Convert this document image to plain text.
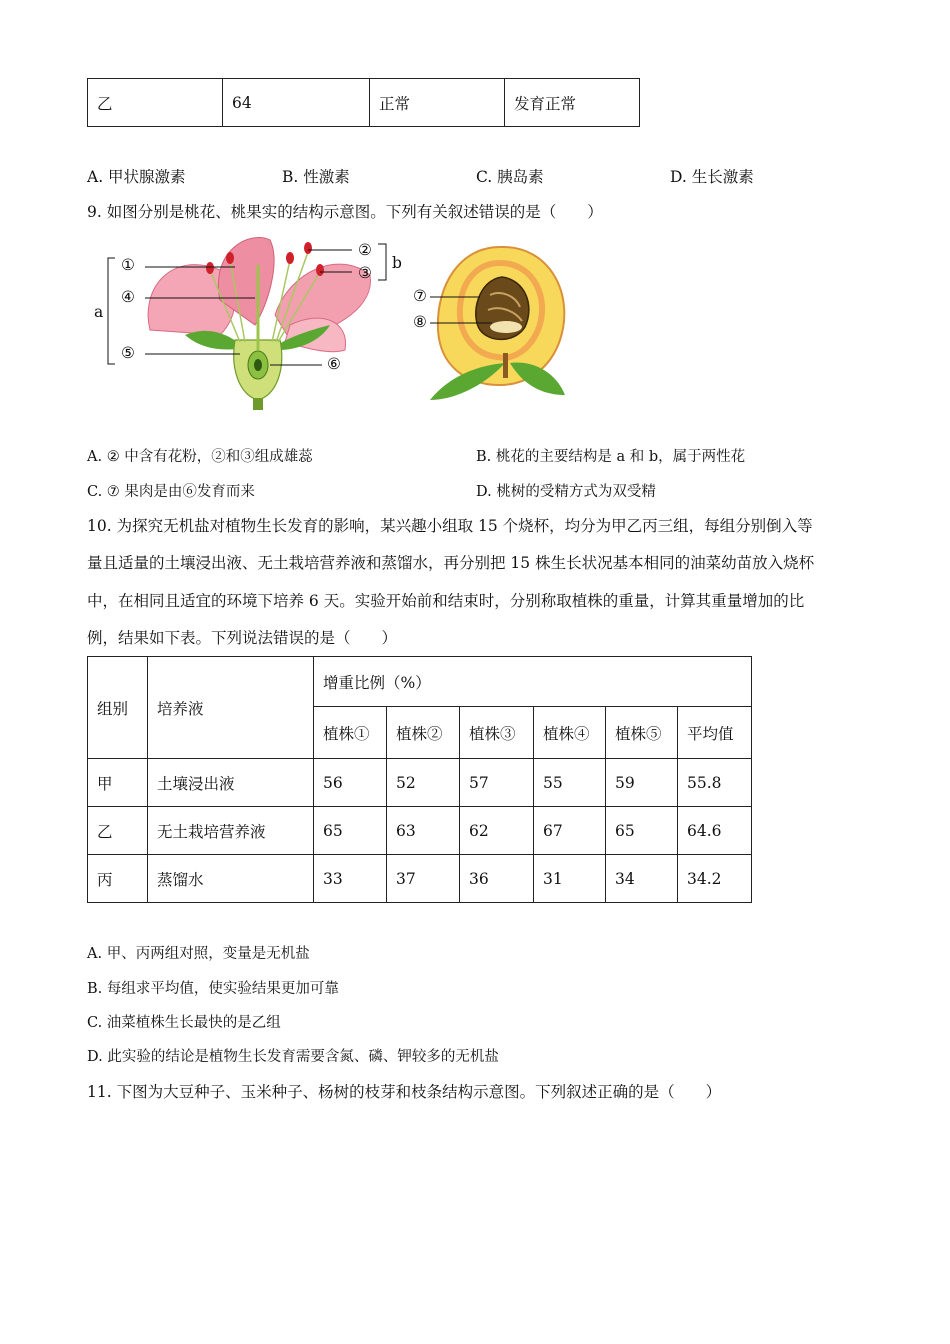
乙	64	正常	发育正常
A. 甲状腺激素	B. 性激素	C. 胰岛素	D. 生长激素
9. 如图分别是桃花、桃果实的结构示意图。下列有关叙述错误的是（　　）
①
②
③
④
⑤
⑥
a
b
⑦
⑧
A. ② 中含有花粉，②和③组成雄蕊	B. 桃花的主要结构是 a 和 b，属于两性花
C. ⑦ 果肉是由⑥发育而来	D. 桃树的受精方式为双受精
10. 为探究无机盐对植物生长发育的影响，某兴趣小组取 15 个烧杯，均分为甲乙丙三组，每组分别倒入等
量且适量的土壤浸出液、无土栽培营养液和蒸馏水，再分别把 15 株生长状况基本相同的油菜幼苗放入烧杯
中，在相同且适宜的环境下培养 6 天。实验开始前和结束时，分别称取植株的重量，计算其重量增加的比
例，结果如下表。下列说法错误的是（　　）
组别	培养液	增重比例（%）					
		植株①	植株②	植株③	植株④	植株⑤	平均值
甲	土壤浸出液	56	52	57	55	59	55.8
乙	无土栽培营养液	65	63	62	67	65	64.6
丙	蒸馏水	33	37	36	31	34	34.2
A. 甲、丙两组对照，变量是无机盐
B. 每组求平均值，使实验结果更加可靠
C. 油菜植株生长最快的是乙组
D. 此实验的结论是植物生长发育需要含氮、磷、钾较多的无机盐
11. 下图为大豆种子、玉米种子、杨树的枝芽和枝条结构示意图。下列叙述正确的是（　　）
